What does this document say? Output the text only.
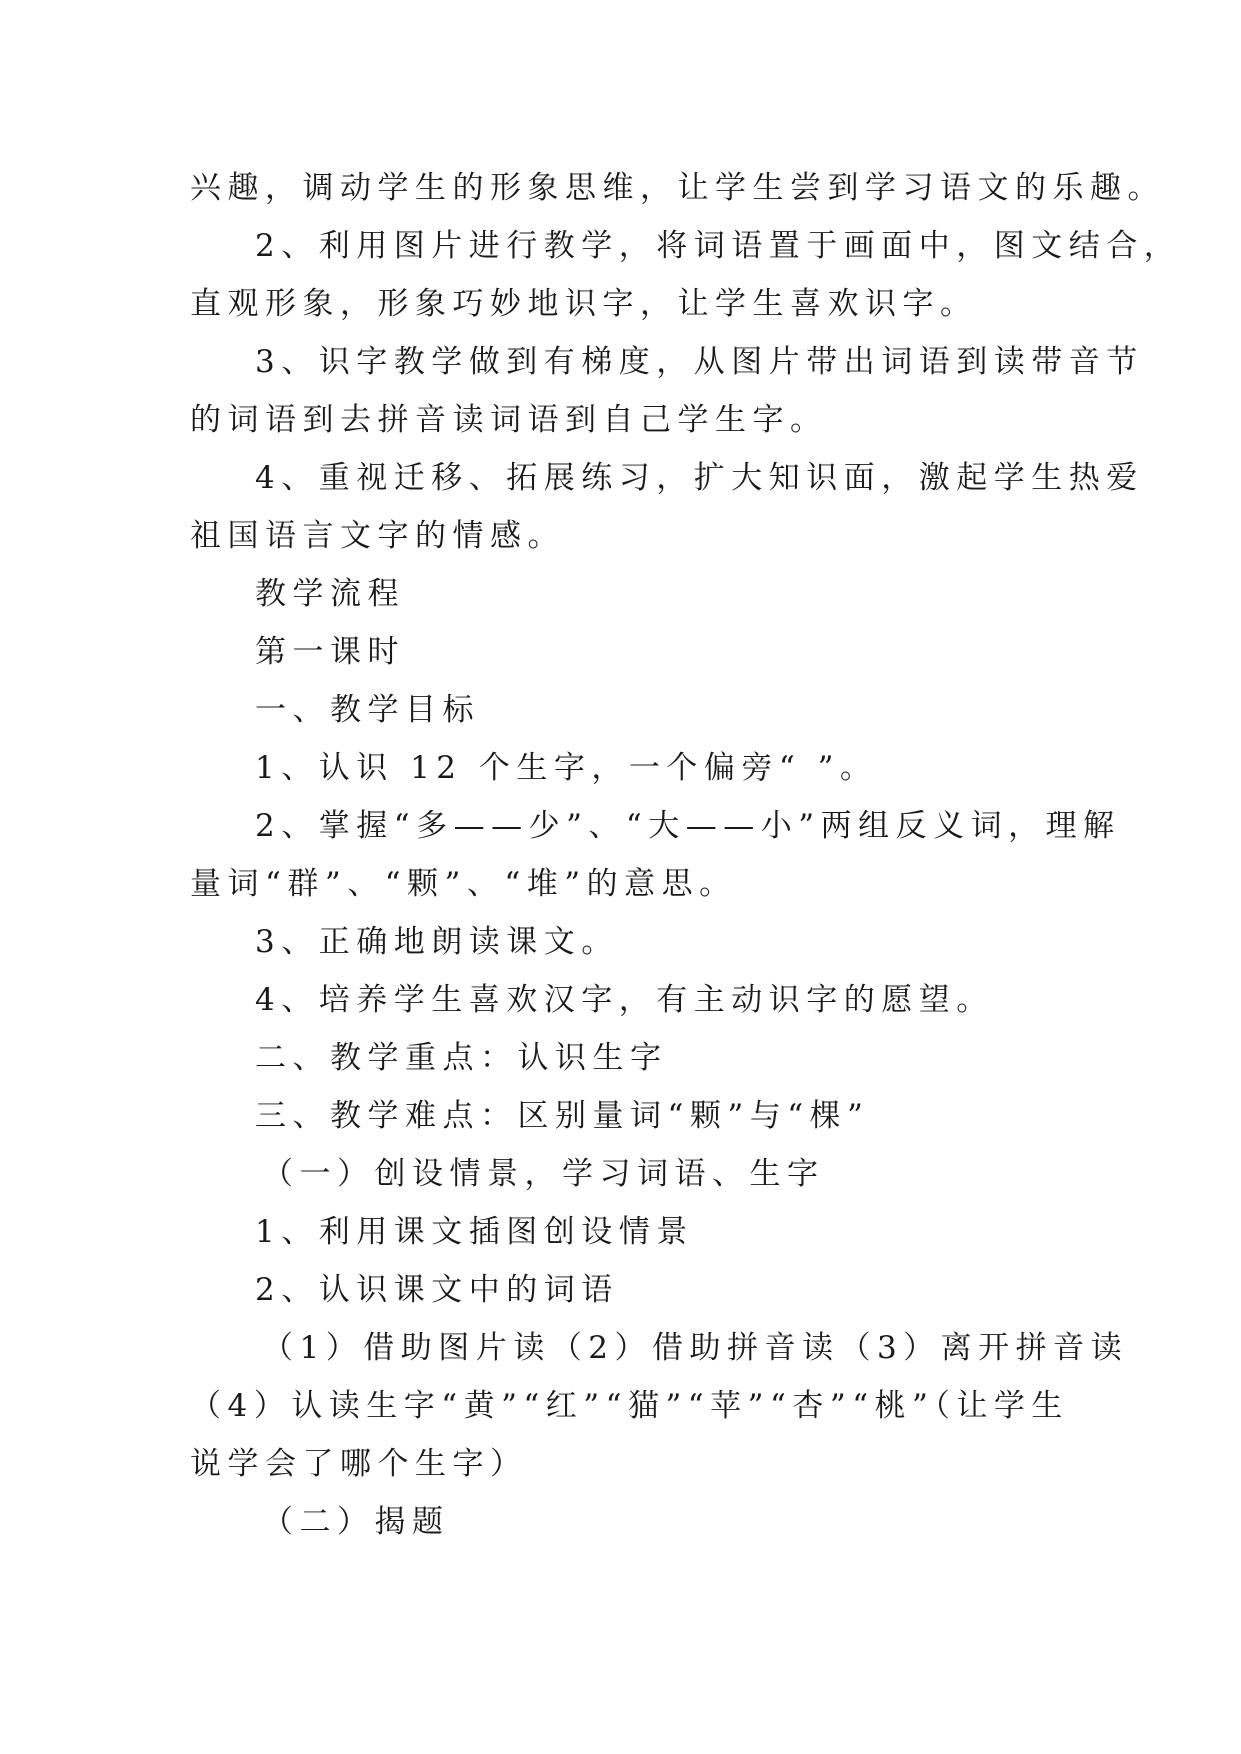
兴趣，调动学生的形象思维，让学生尝到学习语文的乐趣。
2、利用图片进行教学，将词语置于画面中，图文结合，
直观形象，形象巧妙地识字，让学生喜欢识字。
3、识字教学做到有梯度，从图片带出词语到读带音节
的词语到去拼音读词语到自己学生字。
4、重视迁移、拓展练习，扩大知识面，激起学生热爱
祖国语言文字的情感。
教学流程
第一课时
一、教学目标
1、认识 12 个生字，一个偏旁“ ”。
2、掌握“多——少”、“大——小”两组反义词，理解
量词“群”、“颗”、“堆”的意思。
3、正确地朗读课文。
4、培养学生喜欢汉字，有主动识字的愿望。
二、教学重点：认识生字
三、教学难点：区别量词“颗”与“棵”
（一）创设情景，学习词语、生字
1、利用课文插图创设情景
2、认识课文中的词语
（1）借助图片读（2）借助拼音读（3）离开拼音读
（4）认读生字“黄”“红”“猫”“苹”“杏”“桃”（让学生
说学会了哪个生字）
（二）揭题
